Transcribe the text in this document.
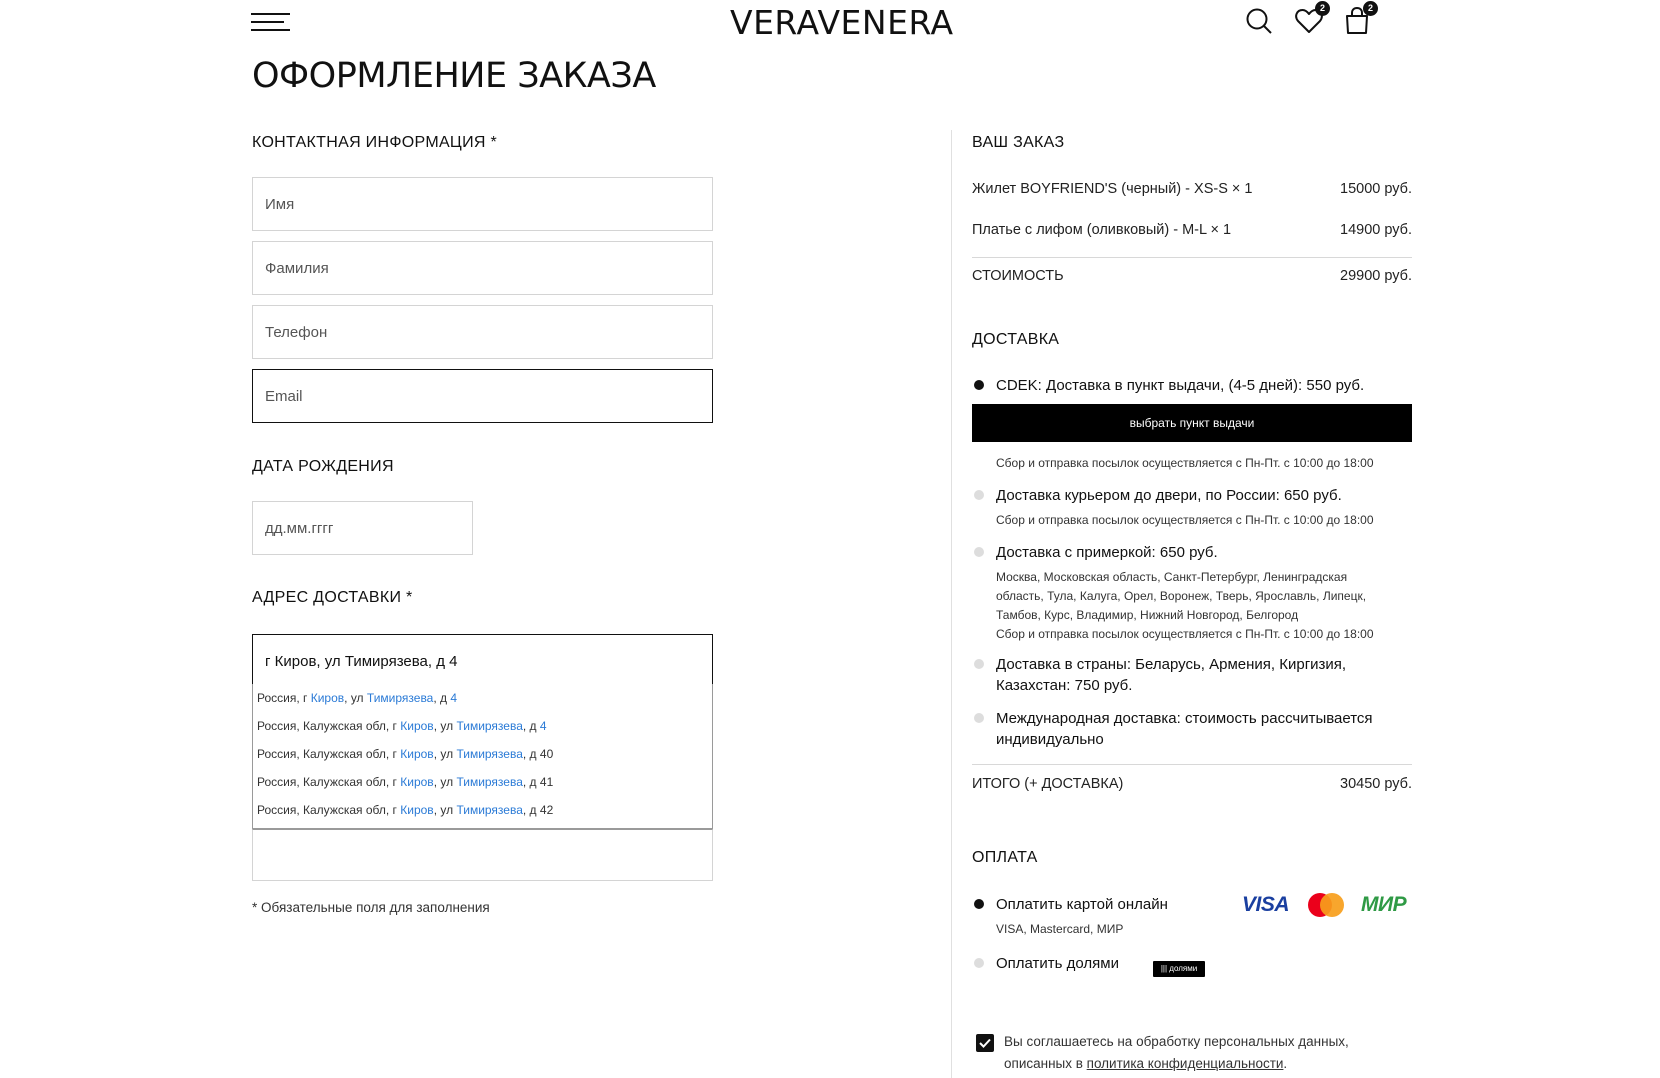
VERAVENERA	2	2
ОФОРМЛЕНИЕ ЗАКАЗА
КОНТАКТНАЯ ИНФОРМАЦИЯ *
Имя
Фамилия
Телефон
Email
ДАТА РОЖДЕНИЯ
дд.мм.гггг
АДРЕС ДОСТАВКИ *
г Киров, ул Тимирязева, д 4
Россия, г Киров, ул Тимирязева, д 4
Россия, Калужская обл, г Киров, ул Тимирязева, д 4
Россия, Калужская обл, г Киров, ул Тимирязева, д 40
Россия, Калужская обл, г Киров, ул Тимирязева, д 41
Россия, Калужская обл, г Киров, ул Тимирязева, д 42
* Обязательные поля для заполнения
ВАШ ЗАКАЗ
Жилет BOYFRIEND'S (черный) - XS-S × 1	15000 руб.
Платье с лифом (оливковый) - M-L × 1	14900 руб.
СТОИМОСТЬ	29900 руб.
ДОСТАВКА
CDEK: Доставка в пункт выдачи, (4-5 дней): 550 руб.
выбрать пункт выдачи
Сбор и отправка посылок осуществляется с Пн-Пт. с 10:00 до 18:00
Доставка курьером до двери, по России: 650 руб.
Сбор и отправка посылок осуществляется с Пн-Пт. с 10:00 до 18:00
Доставка с примеркой: 650 руб.
Москва, Московская область, Санкт-Петербург, Ленинградская область, Тула, Калуга, Орел, Воронеж, Тверь, Ярославль, Липецк, Тамбов, Курс, Владимир, Нижний Новгород, Белгород
Сбор и отправка посылок осуществляется с Пн-Пт. с 10:00 до 18:00
Доставка в страны: Беларусь, Армения, Киргизия, Казахстан: 750 руб.
Международная доставка: стоимость рассчитывается индивидуально
ИТОГО (+ ДОСТАВКА)	30450 руб.
ОПЛАТА
Оплатить картой онлайн
VISA, Mastercard, МИР
VISA	МИР
Оплатить долями	||| долями
Вы соглашаетесь на обработку персональных данных, описанных в политика конфиденциальности.
